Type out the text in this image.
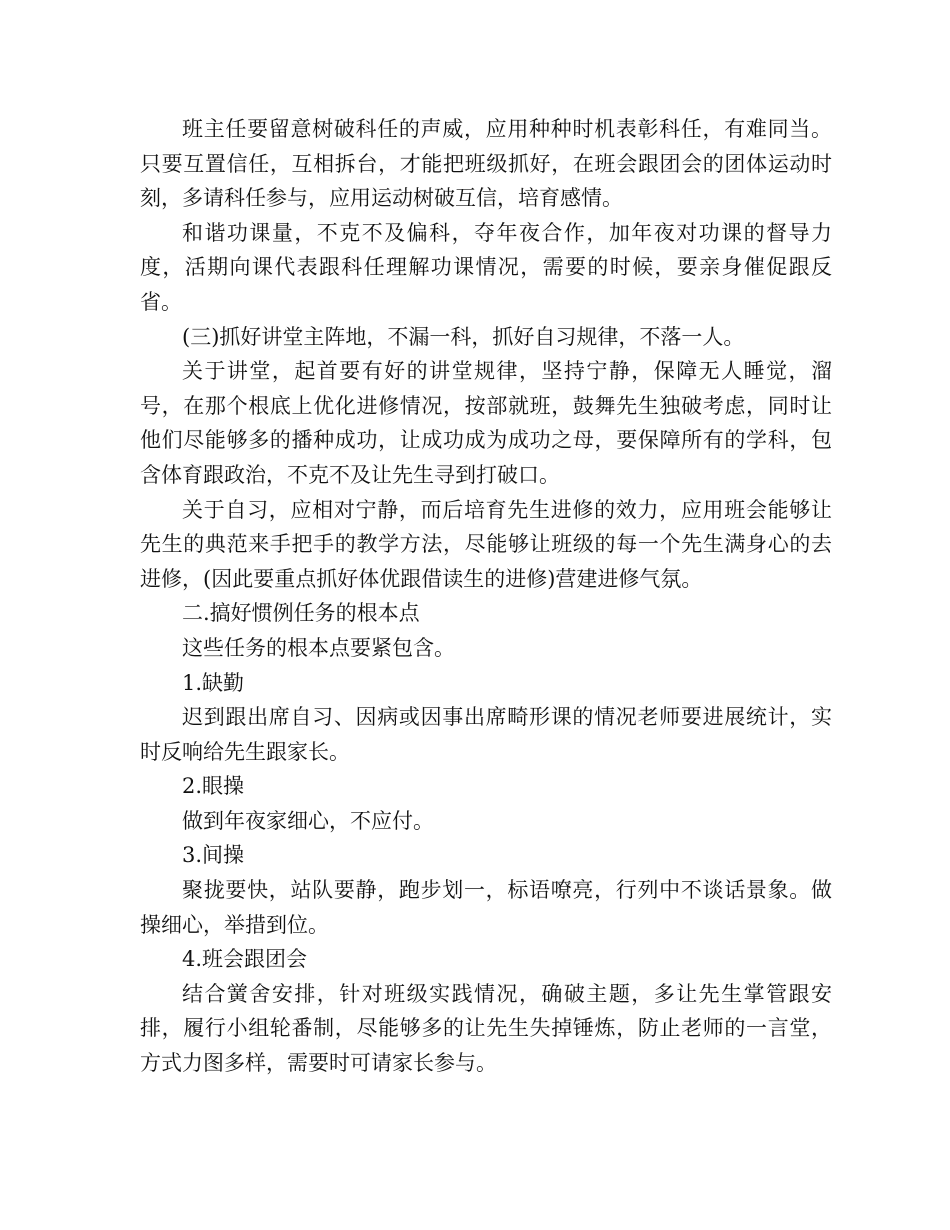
班主任要留意树破科任的声威，应用种种时机表彰科任，有难同当。只要互置信任，互相拆台，才能把班级抓好，在班会跟团会的团体运动时刻，多请科任参与，应用运动树破互信，培育感情。

和谐功课量，不克不及偏科，夺年夜合作，加年夜对功课的督导力度，活期向课代表跟科任理解功课情况，需要的时候，要亲身催促跟反省。

(三)抓好讲堂主阵地，不漏一科，抓好自习规律，不落一人。

关于讲堂，起首要有好的讲堂规律，坚持宁静，保障无人睡觉，溜号，在那个根底上优化进修情况，按部就班，鼓舞先生独破考虑，同时让他们尽能够多的播种成功，让成功成为成功之母，要保障所有的学科，包含体育跟政治，不克不及让先生寻到打破口。

关于自习，应相对宁静，而后培育先生进修的效力，应用班会能够让先生的典范来手把手的教学方法，尽能够让班级的每一个先生满身心的去进修，(因此要重点抓好体优跟借读生的进修)营建进修气氛。

二.搞好惯例任务的根本点

这些任务的根本点要紧包含。

1.缺勤

迟到跟出席自习、因病或因事出席畸形课的情况老师要进展统计，实时反响给先生跟家长。

2.眼操

做到年夜家细心，不应付。

3.间操

聚拢要快，站队要静，跑步划一，标语嘹亮，行列中不谈话景象。做操细心，举措到位。

4.班会跟团会

结合黉舍安排，针对班级实践情况，确破主题，多让先生掌管跟安排，履行小组轮番制，尽能够多的让先生失掉锤炼，防止老师的一言堂，方式力图多样，需要时可请家长参与。
